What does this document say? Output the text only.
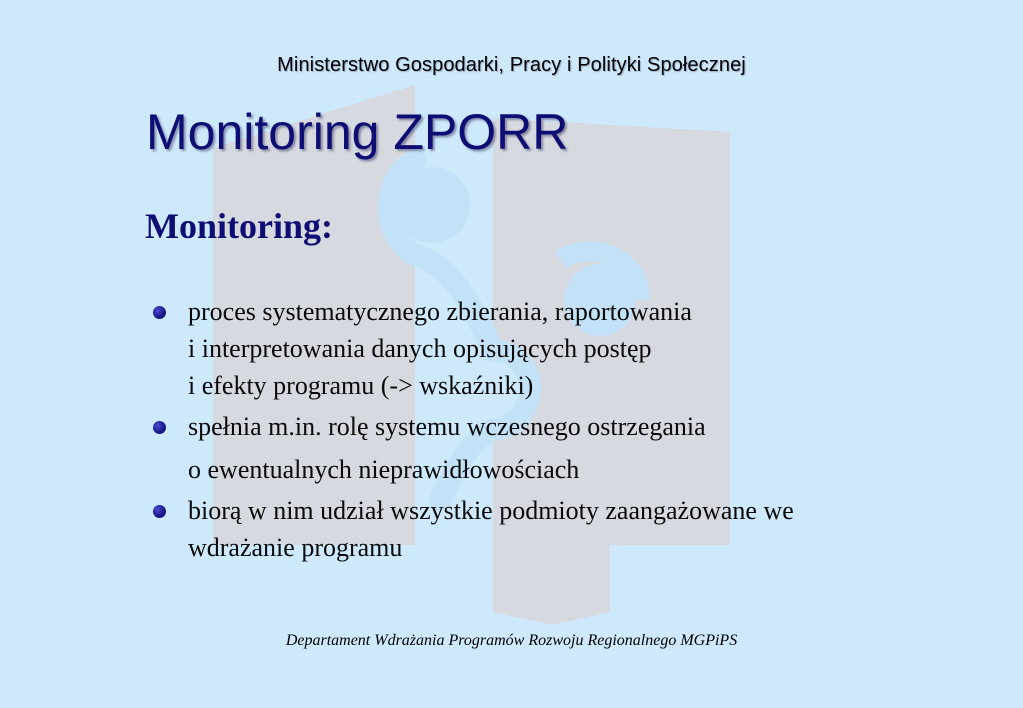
Ministerstwo Gospodarki, Pracy i Polityki Społecznej
Monitoring ZPORR
Monitoring:
proces systematycznego zbierania, raportowania
i interpretowania danych opisujących postęp
i efekty programu (-> wskaźniki)
spełnia m.in. rolę systemu wczesnego ostrzegania
o ewentualnych nieprawidłowościach
biorą w nim udział wszystkie podmioty zaangażowane we
wdrażanie programu
Departament Wdrażania Programów Rozwoju Regionalnego MGPiPS
